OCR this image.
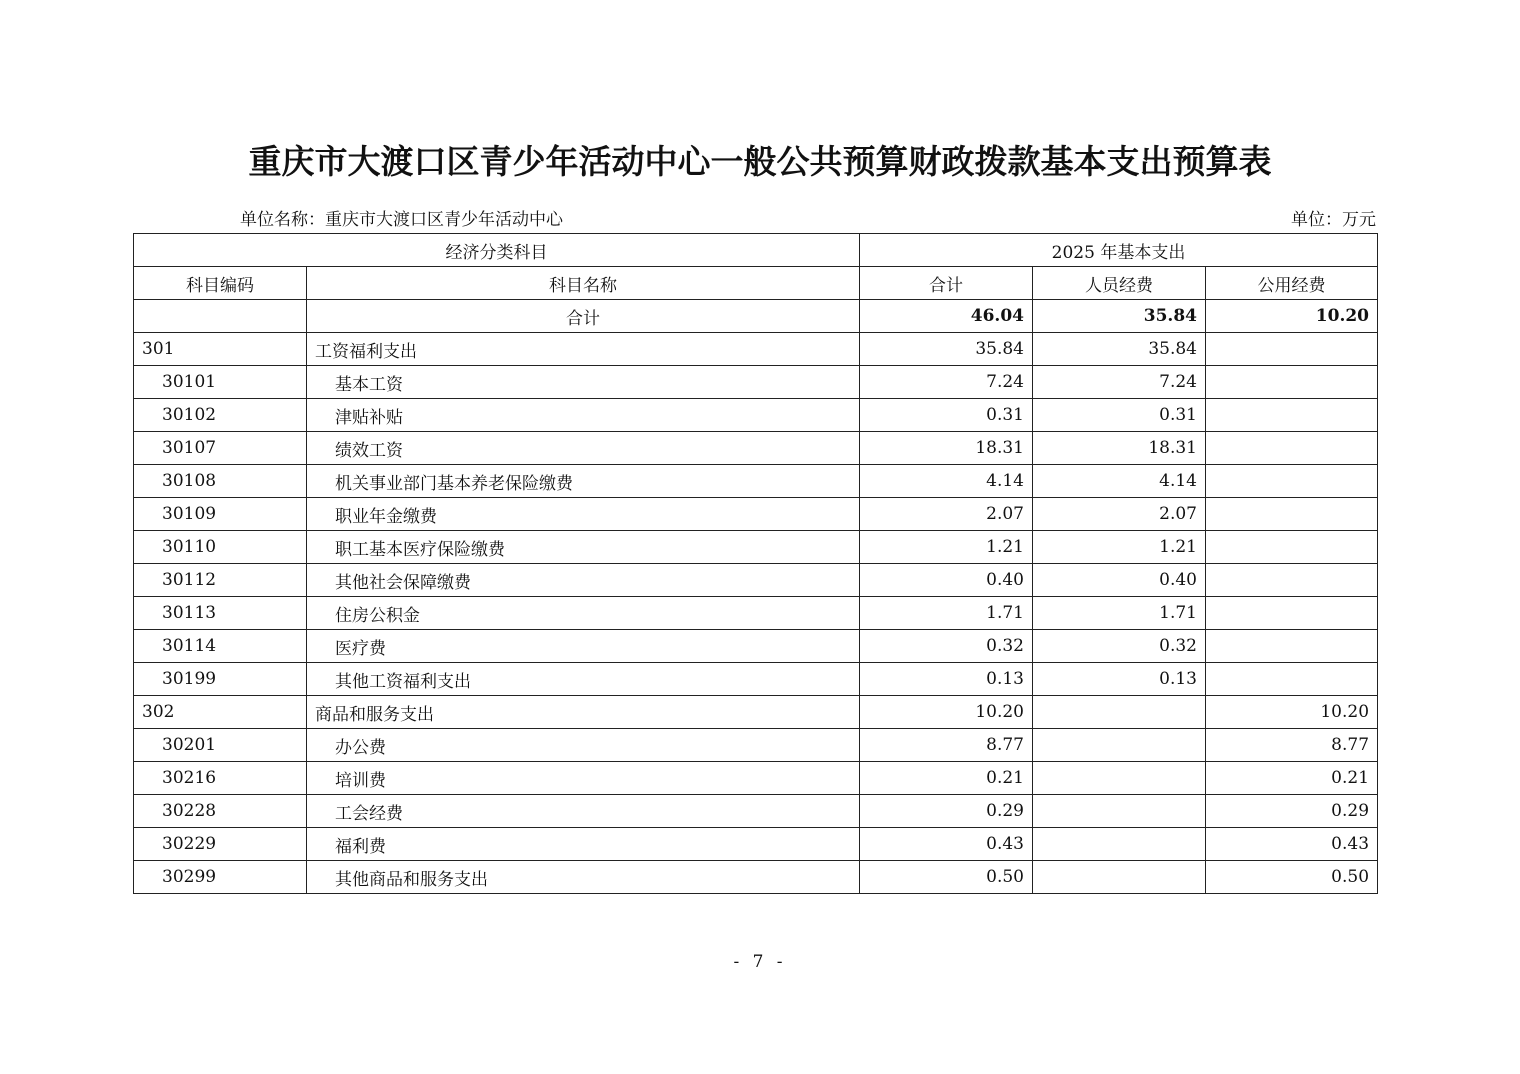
重庆市大渡口区青少年活动中心一般公共预算财政拨款基本支出预算表
单位名称：重庆市大渡口区青少年活动中心	单位：万元
经济分类科目		2025 年基本支出		
科目编码	科目名称	合计	人员经费	公用经费
	合计	46.04	35.84	10.20
301	工资福利支出	35.84	35.84	
30101	基本工资	7.24	7.24	
30102	津贴补贴	0.31	0.31	
30107	绩效工资	18.31	18.31	
30108	机关事业部门基本养老保险缴费	4.14	4.14	
30109	职业年金缴费	2.07	2.07	
30110	职工基本医疗保险缴费	1.21	1.21	
30112	其他社会保障缴费	0.40	0.40	
30113	住房公积金	1.71	1.71	
30114	医疗费	0.32	0.32	
30199	其他工资福利支出	0.13	0.13	
302	商品和服务支出	10.20		10.20
30201	办公费	8.77		8.77
30216	培训费	0.21		0.21
30228	工会经费	0.29		0.29
30229	福利费	0.43		0.43
30299	其他商品和服务支出	0.50		0.50
- 7 -
